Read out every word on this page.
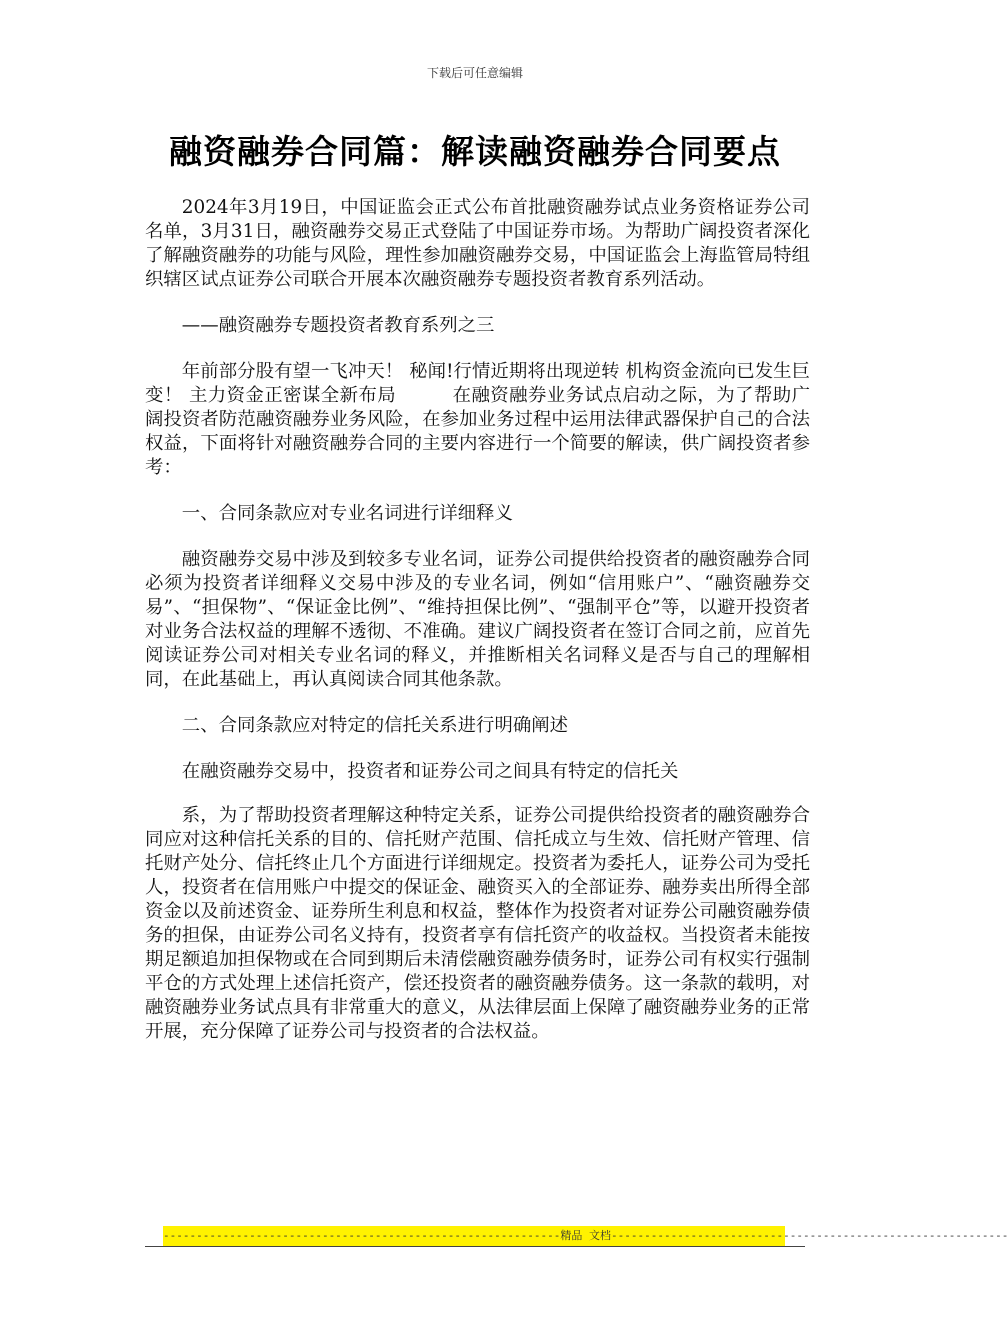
下载后可任意编辑
融资融券合同篇：解读融资融券合同要点

2024年3月19日，中国证监会正式公布首批融资融券试点业务资格证券公司名单，3月31日，融资融券交易正式登陆了中国证券市场。为帮助广阔投资者深化了解融资融券的功能与风险，理性参加融资融券交易，中国证监会上海监管局特组织辖区试点证券公司联合开展本次融资融券专题投资者教育系列活动。

——融资融券专题投资者教育系列之三

年前部分股有望一飞冲天！ 秘闻!行情近期将出现逆转 机构资金流向已发生巨变！ 主力资金正密谋全新布局　　　在融资融券业务试点启动之际，为了帮助广阔投资者防范融资融券业务风险，在参加业务过程中运用法律武器保护自己的合法权益，下面将针对融资融券合同的主要内容进行一个简要的解读，供广阔投资者参考：

一、合同条款应对专业名词进行详细释义

融资融券交易中涉及到较多专业名词，证券公司提供给投资者的融资融券合同必须为投资者详细释义交易中涉及的专业名词，例如“信用账户”、“融资融券交易”、“担保物”、“保证金比例”、“维持担保比例”、“强制平仓”等，以避开投资者对业务合法权益的理解不透彻、不准确。建议广阔投资者在签订合同之前，应首先阅读证券公司对相关专业名词的释义，并推断相关名词释义是否与自己的理解相同，在此基础上，再认真阅读合同其他条款。

二、合同条款应对特定的信托关系进行明确阐述

在融资融券交易中，投资者和证券公司之间具有特定的信托关

系，为了帮助投资者理解这种特定关系，证券公司提供给投资者的融资融券合同应对这种信托关系的目的、信托财产范围、信托成立与生效、信托财产管理、信托财产处分、信托终止几个方面进行详细规定。投资者为委托人，证券公司为受托人，投资者在信用账户中提交的保证金、融资买入的全部证券、融券卖出所得全部资金以及前述资金、证券所生利息和权益，整体作为投资者对证券公司融资融券债务的担保，由证券公司名义持有，投资者享有信托资产的收益权。当投资者未能按期足额追加担保物或在合同到期后未清偿融资融券债务时，证券公司有权实行强制平仓的方式处理上述信托资产，偿还投资者的融资融券债务。这一条款的载明，对融资融券业务试点具有非常重大的意义，从法律层面上保障了融资融券业务的正常开展，充分保障了证券公司与投资者的合法权益。

------------------------------------------------------------精品 文档------------------------------------------------------------
